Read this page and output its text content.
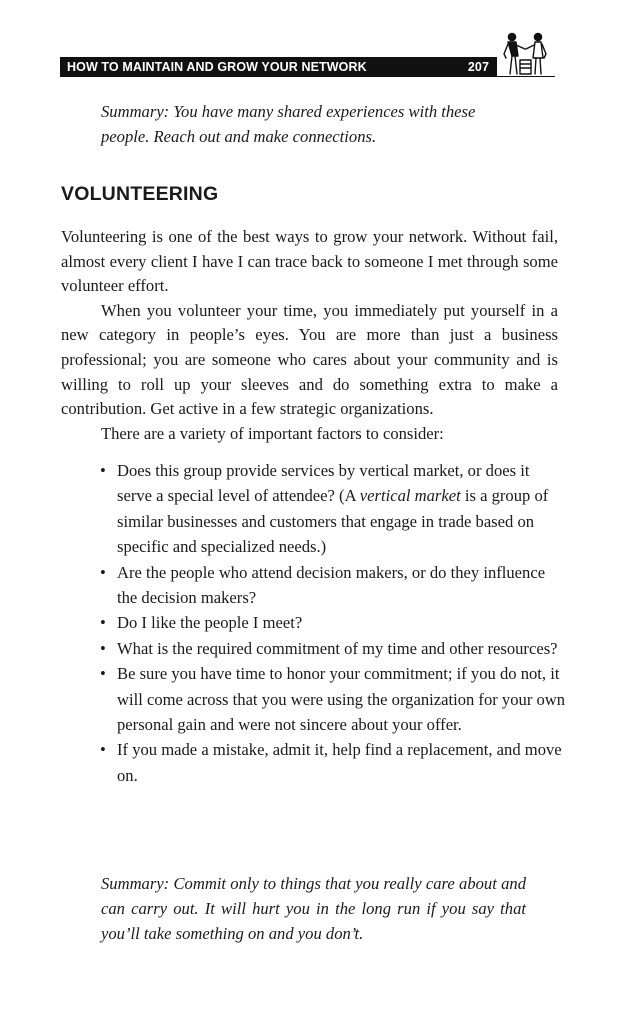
HOW TO MAINTAIN AND GROW YOUR NETWORK	207

Summary: You have many shared experiences with these people. Reach out and make connections.

VOLUNTEERING

Volunteering is one of the best ways to grow your network. Without fail, almost every client I have I can trace back to someone I met through some volunteer effort.

When you volunteer your time, you immediately put yourself in a new category in people’s eyes. You are more than just a business professional; you are someone who cares about your community and is willing to roll up your sleeves and do something extra to make a contribution. Get active in a few strategic organizations.

There are a variety of important factors to consider:

• Does this group provide services by vertical market, or does it serve a special level of attendee? (A vertical market is a group of similar businesses and customers that engage in trade based on specific and specialized needs.)
• Are the people who attend decision makers, or do they influence the decision makers?
• Do I like the people I meet?
• What is the required commitment of my time and other resources?
• Be sure you have time to honor your commitment; if you do not, it will come across that you were using the organization for your own personal gain and were not sincere about your offer.
• If you made a mistake, admit it, help find a replacement, and move on.

Summary: Commit only to things that you really care about and can carry out. It will hurt you in the long run if you say that you’ll take something on and you don’t.
